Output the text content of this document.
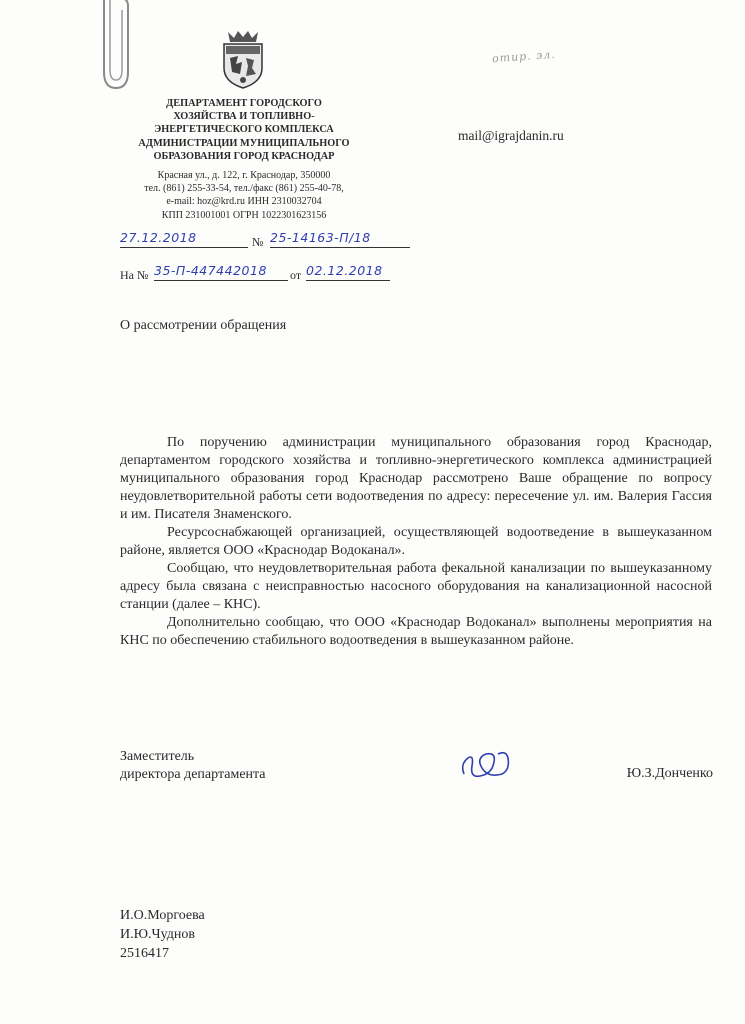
отир. эл.
ДЕПАРТАМЕНТ ГОРОДСКОГО
ХОЗЯЙСТВА И ТОПЛИВНО-
ЭНЕРГЕТИЧЕСКОГО КОМПЛЕКСА
АДМИНИСТРАЦИИ МУНИЦИПАЛЬНОГО
ОБРАЗОВАНИЯ ГОРОД КРАСНОДАР
Красная ул., д. 122, г. Краснодар, 350000
тел. (861) 255-33-54, тел./факс (861) 255-40-78,
e-mail: hoz@krd.ru ИНН 2310032704
КПП 231001001 ОГРН 1022301623156
mail@igrajdanin.ru
27.12.2018	№ 25-14163-П/18
На № 35-П-447442018	от 02.12.2018
О рассмотрении обращения

По поручению администрации муниципального образования город Краснодар, департаментом городского хозяйства и топливно-энергетического комплекса администрацией муниципального образования город Краснодар рассмотрено Ваше обращение по вопросу неудовлетворительной работы сети водоотведения по адресу: пересечение ул. им. Валерия Гассия и им. Писателя Знаменского.

Ресурсоснабжающей организацией, осуществляющей водоотведение в вышеуказанном районе, является ООО «Краснодар Водоканал».

Сообщаю, что неудовлетворительная работа фекальной канализации по вышеуказанному адресу была связана с неисправностью насосного оборудования на канализационной насосной станции (далее – КНС).

Дополнительно сообщаю, что ООО «Краснодар Водоканал» выполнены мероприятия на КНС по обеспечению стабильного водоотведения в вышеуказанном районе.

Заместитель
директора департамента	Ю.З.Донченко
И.О.Моргоева
И.Ю.Чуднов
2516417
